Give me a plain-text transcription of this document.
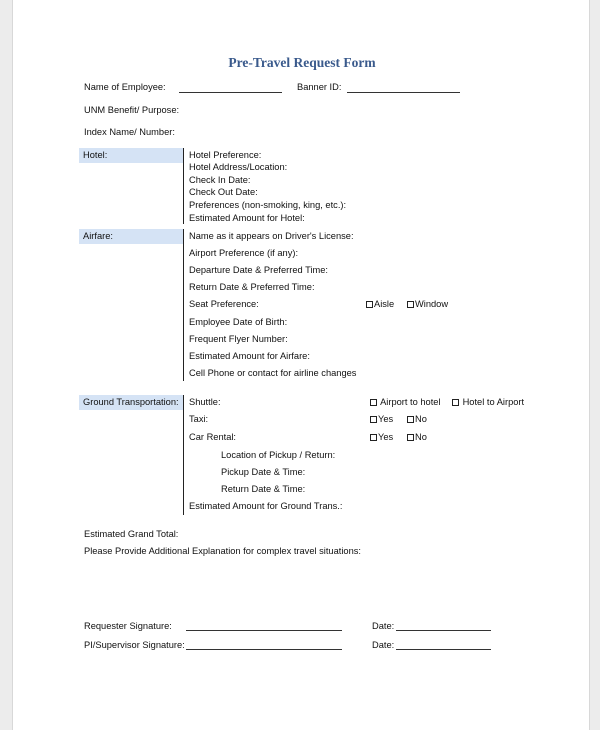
Pre-Travel Request Form
Name of Employee:	Banner ID:
UNM Benefit/ Purpose:
Index Name/ Number:
Hotel:	Hotel Preference:
Hotel Address/Location:
Check In Date:
Check Out Date:
Preferences (non-smoking, king, etc.):
Estimated Amount for Hotel:
Airfare:	Name as it appears on Driver's License:
Airport Preference (if any):
Departure Date & Preferred Time:
Return Date & Preferred Time:
Seat Preference:	Aisle	Window
Employee Date of Birth:
Frequent Flyer Number:
Estimated Amount for Airfare:
Cell Phone or contact for airline changes
Ground Transportation:	Shuttle:	Airport to hotel	Hotel to Airport
Taxi:	Yes	No
Car Rental:	Yes	No
Location of Pickup / Return:
Pickup Date & Time:
Return Date & Time:
Estimated Amount for Ground Trans.:
Estimated Grand Total:
Please Provide Additional Explanation for complex travel situations:
Requester Signature:	Date:
PI/Supervisor Signature:	Date:
